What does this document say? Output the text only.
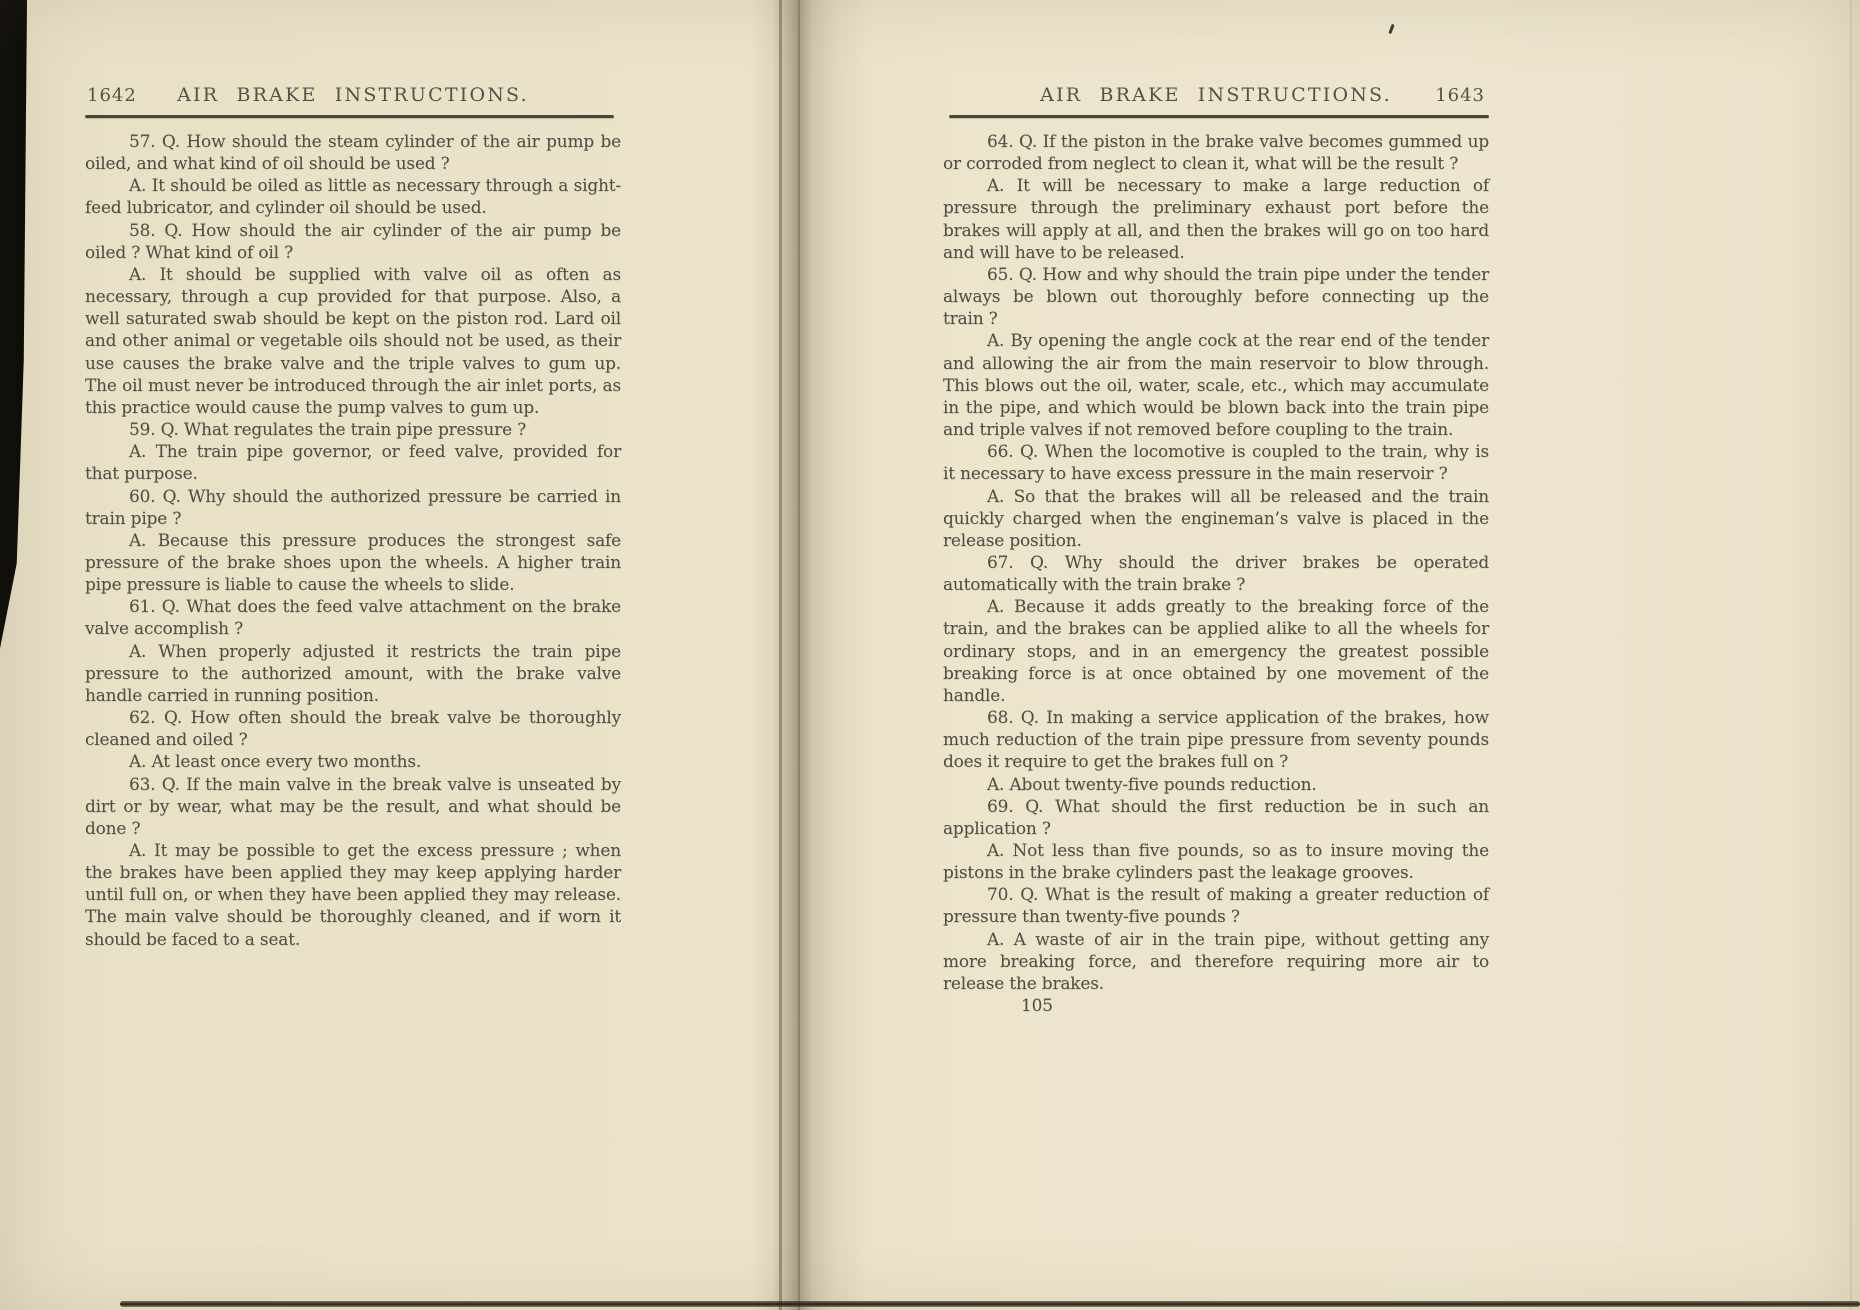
1642	AIR BRAKE INSTRUCTIONS.

57. Q. How should the steam cylinder of the air pump be oiled, and what kind of oil should be used ?

A. It should be oiled as little as necessary through a sight-feed lubricator, and cylinder oil should be used.

58. Q. How should the air cylinder of the air pump be oiled ? What kind of oil ?

A. It should be supplied with valve oil as often as necessary, through a cup provided for that purpose. Also, a well saturated swab should be kept on the piston rod. Lard oil and other animal or vegetable oils should not be used, as their use causes the brake valve and the triple valves to gum up. The oil must never be introduced through the air inlet ports, as this practice would cause the pump valves to gum up.

59. Q. What regulates the train pipe pressure ?

A. The train pipe governor, or feed valve, provided for that purpose.

60. Q. Why should the authorized pressure be carried in train pipe ?

A. Because this pressure produces the strongest safe pressure of the brake shoes upon the wheels. A higher train pipe pressure is liable to cause the wheels to slide.

61. Q. What does the feed valve attachment on the brake valve accomplish ?

A. When properly adjusted it restricts the train pipe pressure to the authorized amount, with the brake valve handle carried in running position.

62. Q. How often should the break valve be thoroughly cleaned and oiled ?

A. At least once every two months.

63. Q. If the main valve in the break valve is unseated by dirt or by wear, what may be the result, and what should be done ?

A. It may be possible to get the excess pressure ; when the brakes have been applied they may keep applying harder until full on, or when they have been applied they may release. The main valve should be thoroughly cleaned, and if worn it should be faced to a seat.

AIR BRAKE INSTRUCTIONS.	1643

64. Q. If the piston in the brake valve becomes gummed up or corroded from neglect to clean it, what will be the result ?

A. It will be necessary to make a large reduction of pressure through the preliminary exhaust port before the brakes will apply at all, and then the brakes will go on too hard and will have to be released.

65. Q. How and why should the train pipe under the tender always be blown out thoroughly before connecting up the train ?

A. By opening the angle cock at the rear end of the tender and allowing the air from the main reservoir to blow through. This blows out the oil, water, scale, etc., which may accumulate in the pipe, and which would be blown back into the train pipe and triple valves if not removed before coupling to the train.

66. Q. When the locomotive is coupled to the train, why is it necessary to have excess pressure in the main reservoir ?

A. So that the brakes will all be released and the train quickly charged when the engineman’s valve is placed in the release position.

67. Q. Why should the driver brakes be operated automatically with the train brake ?

A. Because it adds greatly to the breaking force of the train, and the brakes can be applied alike to all the wheels for ordinary stops, and in an emergency the greatest possible breaking force is at once obtained by one movement of the handle.

68. Q. In making a service application of the brakes, how much reduction of the train pipe pressure from seventy pounds does it require to get the brakes full on ?

A. About twenty-five pounds reduction.

69. Q. What should the first reduction be in such an application ?

A. Not less than five pounds, so as to insure moving the pistons in the brake cylinders past the leakage grooves.

70. Q. What is the result of making a greater reduction of pressure than twenty-five pounds ?

A. A waste of air in the train pipe, without getting any more breaking force, and therefore requiring more air to release the brakes.

105
